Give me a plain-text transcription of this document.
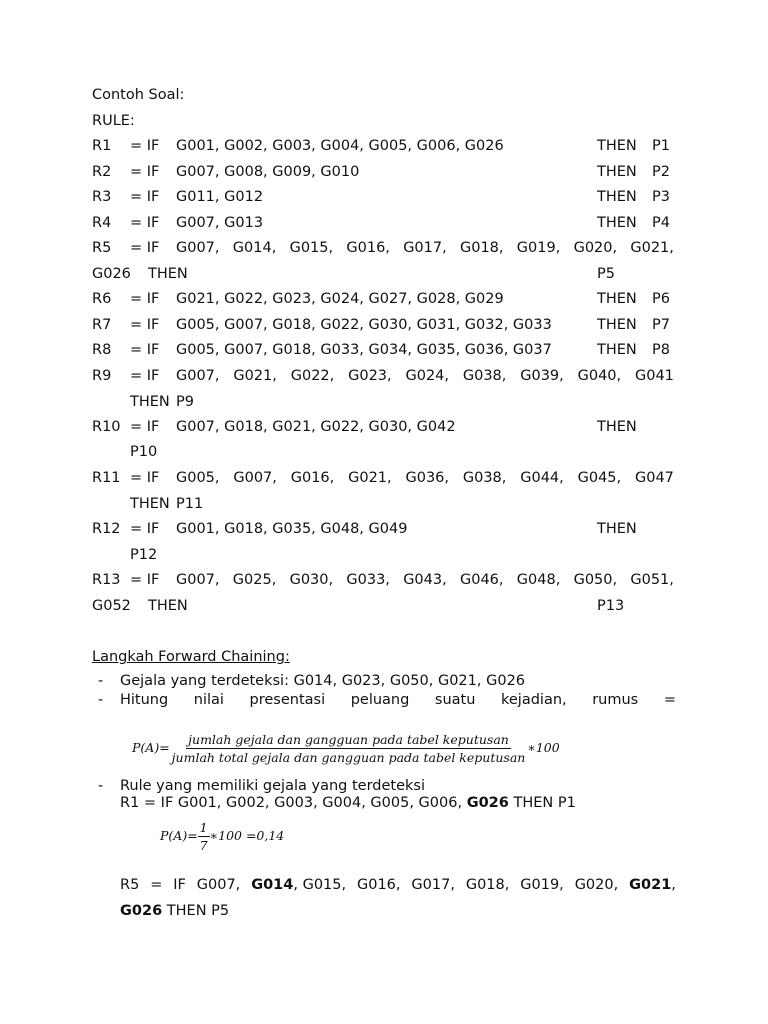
Contoh Soal:
RULE:
R1 = IF G001, G002, G003, G004, G005, G006, G026	THEN P1
R2 = IF G007, G008, G009, G010	THEN P2
R3 = IF G011, G012	THEN P3
R4 = IF G007, G013	THEN P4
R5 = IF G007, G014, G015, G016, G017, G018, G019, G020, G021,
G026 THEN	P5
R6 = IF G021, G022, G023, G024, G027, G028, G029	THEN P6
R7 = IF G005, G007, G018, G022, G030, G031, G032, G033	THEN P7
R8 = IF G005, G007, G018, G033, G034, G035, G036, G037	THEN P8
R9 = IF G007, G021, G022, G023, G024, G038, G039, G040, G041
THEN P9
R10 = IF G007, G018, G021, G022, G030, G042	THEN
P10
R11 = IF G005, G007, G016, G021, G036, G038, G044, G045, G047
THEN P11
R12 = IF G001, G018, G035, G048, G049	THEN
P12
R13 = IF G007, G025, G030, G033, G043, G046, G048, G050, G051,
G052 THEN	P13
Langkah Forward Chaining:
- Gejala yang terdeteksi: G014, G023, G050, G021, G026
- Hitung nilai presentasi peluang suatu kejadian, rumus =
$P(A)= \frac{\text{jumlah gejala dan gangguan pada tabel keputusan}}{\text{jumlah total gejala dan gangguan pada tabel keputusan}}$ ∗100
- Rule yang memiliki gejala yang terdeteksi
R1 = IF G001, G002, G003, G004, G005, G006, G026 THEN P1
$P(A)= \frac{1}{7}$ ∗100 =0,14
R5 = IF G007, G014, G015, G016, G017, G018, G019, G020, G021,
G026 THEN P5
